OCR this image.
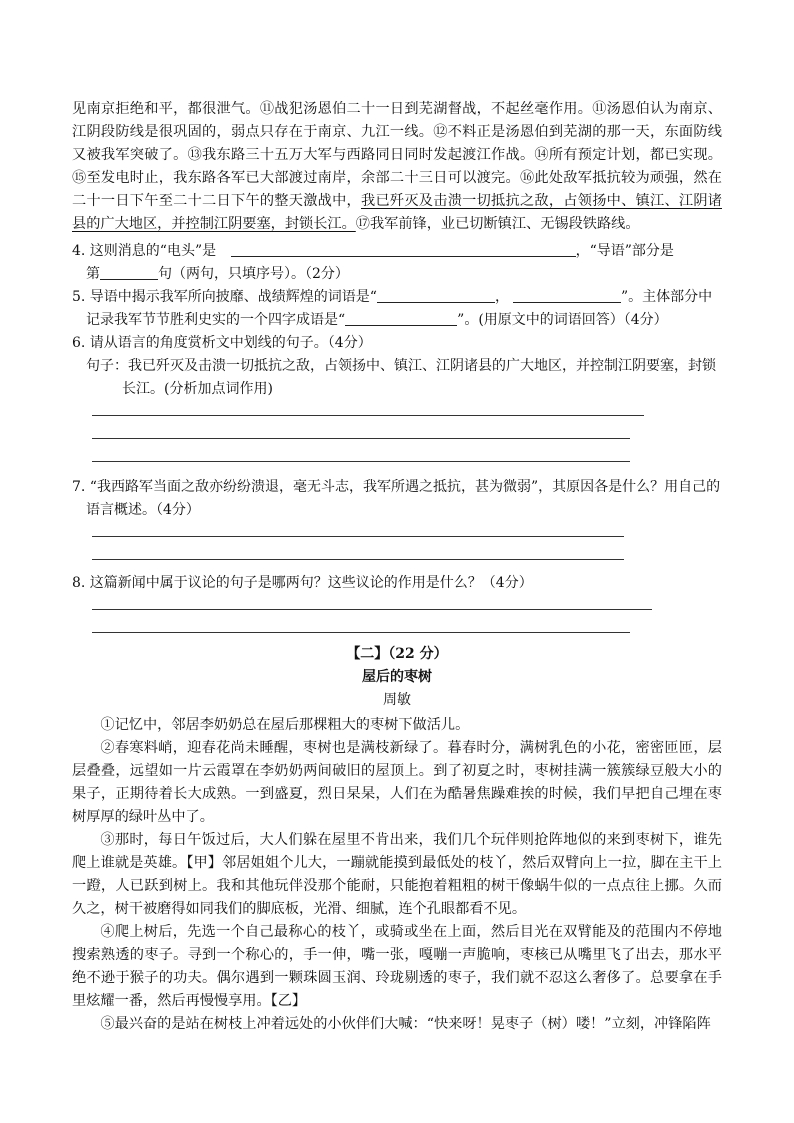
见南京拒绝和平，都很泄气。⑪战犯汤恩伯二十一日到芜湖督战，不起丝毫作用。⑪汤恩伯认为南京、江阴段防线是很巩固的，弱点只存在于南京、九江一线。⑫不料正是汤恩伯到芜湖的那一天，东面防线又被我军突破了。⑬我东路三十五万大军与西路同日同时发起渡江作战。⑭所有预定计划，都已实现。⑮至发电时止，我东路各军已大部渡过南岸，余部二十三日可以渡完。⑯此处敌军抵抗较为顽强，然在二十一日下午至二十二日下午的整天激战中，我已歼灭及击溃一切抵抗之敌，占领扬中、镇江、江阴诸县的广大地区，并控制江阴要塞，封锁长江。⑰我军前锋，业已切断镇江、无锡段铁路线。

4. 这则消息的“电头”是	，“导语”部分是

第	句（两句，只填序号）。（2分）

5. 导语中揭示我军所向披靡、战绩辉煌的词语是“	，	”。主体部分中

记录我军节节胜利史实的一个四字成语是“	”。(用原文中的词语回答）（4分）

6. 请从语言的角度赏析文中划线的句子。（4分）

句子：我已歼灭及击溃一切抵抗之敌，占领扬中、镇江、江阴诸县的广大地区，并控制江阴要塞，封锁

长江。(分析加点词作用)

7. “我西路军当面之敌亦纷纷溃退，毫无斗志，我军所遇之抵抗，甚为微弱”，其原因各是什么？用自己的

语言概述。（4分）

8. 这篇新闻中属于议论的句子是哪两句？这些议论的作用是什么？（4分）

【二】（22 分）

屋后的枣树

周敏

①记忆中，邻居李奶奶总在屋后那棵粗大的枣树下做活儿。

②春寒料峭，迎春花尚未睡醒，枣树也是满枝新绿了。暮春时分，满树乳色的小花，密密匝匝，层层叠叠，远望如一片云霞罩在李奶奶两间破旧的屋顶上。到了初夏之时，枣树挂满一簇簇绿豆般大小的果子，正期待着长大成熟。一到盛夏，烈日杲杲，人们在为酷暑焦躁难挨的时候，我们早把自己埋在枣树厚厚的绿叶丛中了。

③那时，每日午饭过后，大人们躲在屋里不肯出来，我们几个玩伴则抢阵地似的来到枣树下，谁先爬上谁就是英雄。【甲】邻居姐姐个儿大，一蹦就能摸到最低处的枝丫，然后双臂向上一拉，脚在主干上一蹬，人已跃到树上。我和其他玩伴没那个能耐，只能抱着粗粗的树干像蜗牛似的一点点往上挪。久而久之，树干被磨得如同我们的脚底板，光滑、细腻，连个孔眼都看不见。

④爬上树后，先选一个自己最称心的枝丫，或骑或坐在上面，然后目光在双臂能及的范围内不停地搜索熟透的枣子。寻到一个称心的，手一伸，嘴一张，嘎嘣一声脆响，枣核已从嘴里飞了出去，那水平绝不逊于猴子的功夫。偶尔遇到一颗珠圆玉润、玲珑剔透的枣子，我们就不忍这么奢侈了。总要拿在手里炫耀一番，然后再慢慢享用。【乙】

⑤最兴奋的是站在树枝上冲着远处的小伙伴们大喊：“快来呀！晃枣子（树）喽！”立刻，冲锋陷阵
